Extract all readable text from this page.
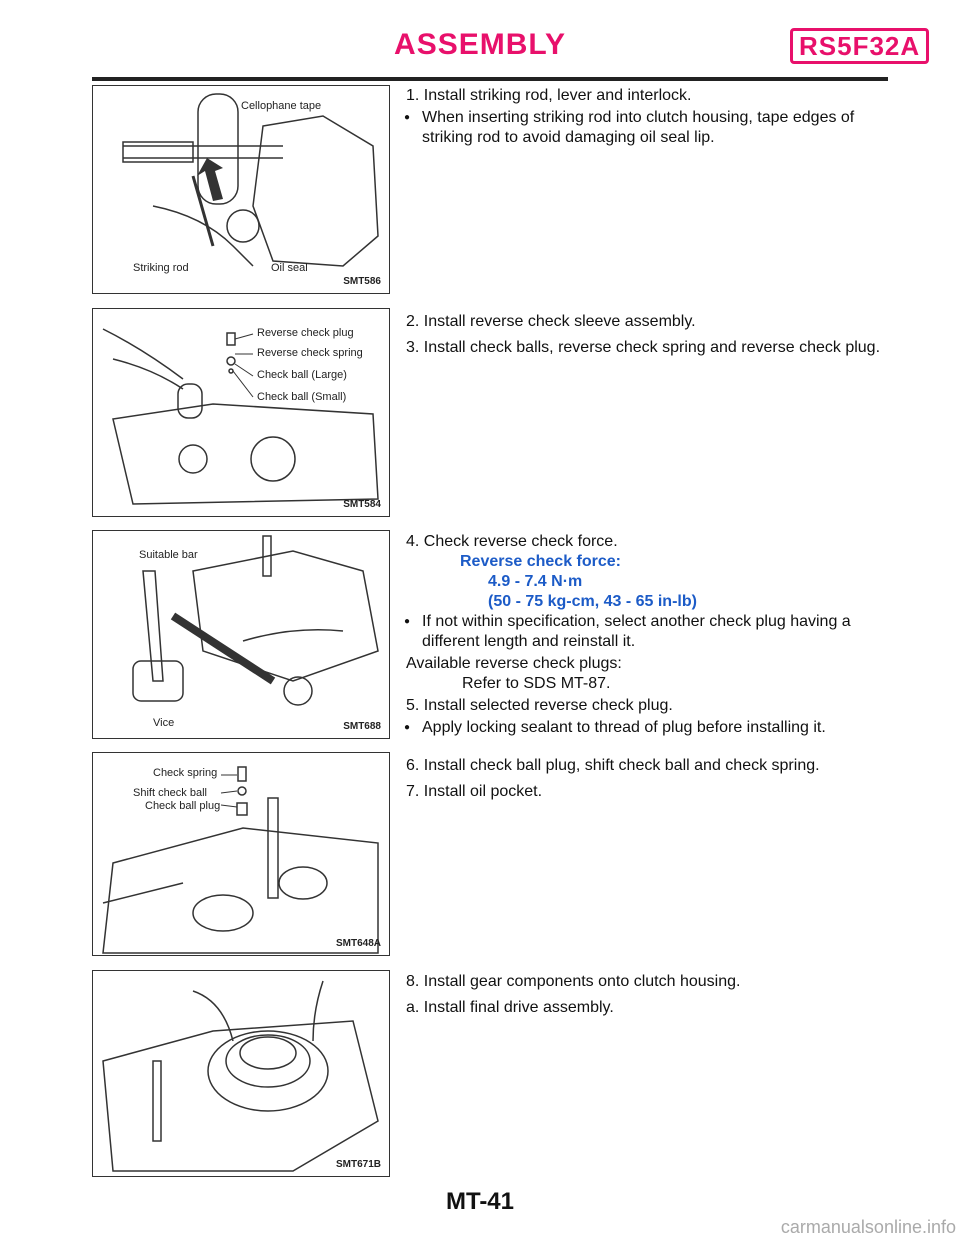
ASSEMBLY	RS5F32A
Cellophane tape
Striking rod	Oil seal
SMT586
Reverse check plug
Reverse check spring
Check ball (Large)
Check ball (Small)
SMT584
Suitable bar
Vice	SMT688
Check spring
Shift check ball
Check ball plug
SMT648A
SMT671B
1. Install striking rod, lever and interlock.
● When inserting striking rod into clutch housing, tape edges of striking rod to avoid damaging oil seal lip.
2. Install reverse check sleeve assembly.
3. Install check balls, reverse check spring and reverse check plug.
4. Check reverse check force.
Reverse check force:
4.9 - 7.4 N·m
(50 - 75 kg-cm, 43 - 65 in-lb)
● If not within specification, select another check plug having a different length and reinstall it.
Available reverse check plugs:
Refer to SDS MT-87.
5. Install selected reverse check plug.
● Apply locking sealant to thread of plug before installing it.
6. Install check ball plug, shift check ball and check spring.
7. Install oil pocket.
8. Install gear components onto clutch housing.
a. Install final drive assembly.
MT-41
carmanualsonline.info
